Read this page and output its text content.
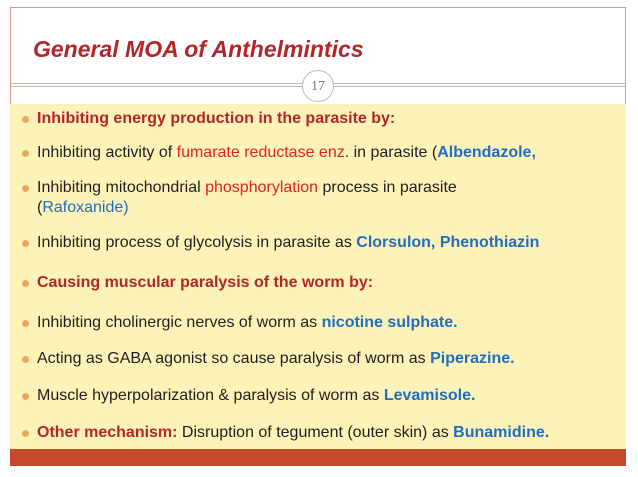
General MOA of Anthelmintics
17
Inhibiting energy production in the parasite by:
Inhibiting activity of fumarate reductase enz. in parasite (Albendazole,
Inhibiting mitochondrial phosphorylation process in parasite
(Rafoxanide)
Inhibiting process of glycolysis in parasite as Clorsulon, Phenothiazin
Causing muscular paralysis of the worm by:
Inhibiting cholinergic nerves of worm as nicotine sulphate.
Acting as GABA agonist so cause paralysis of worm as Piperazine.
Muscle hyperpolarization & paralysis of worm as Levamisole.
Other mechanism: Disruption of tegument (outer skin) as Bunamidine.
